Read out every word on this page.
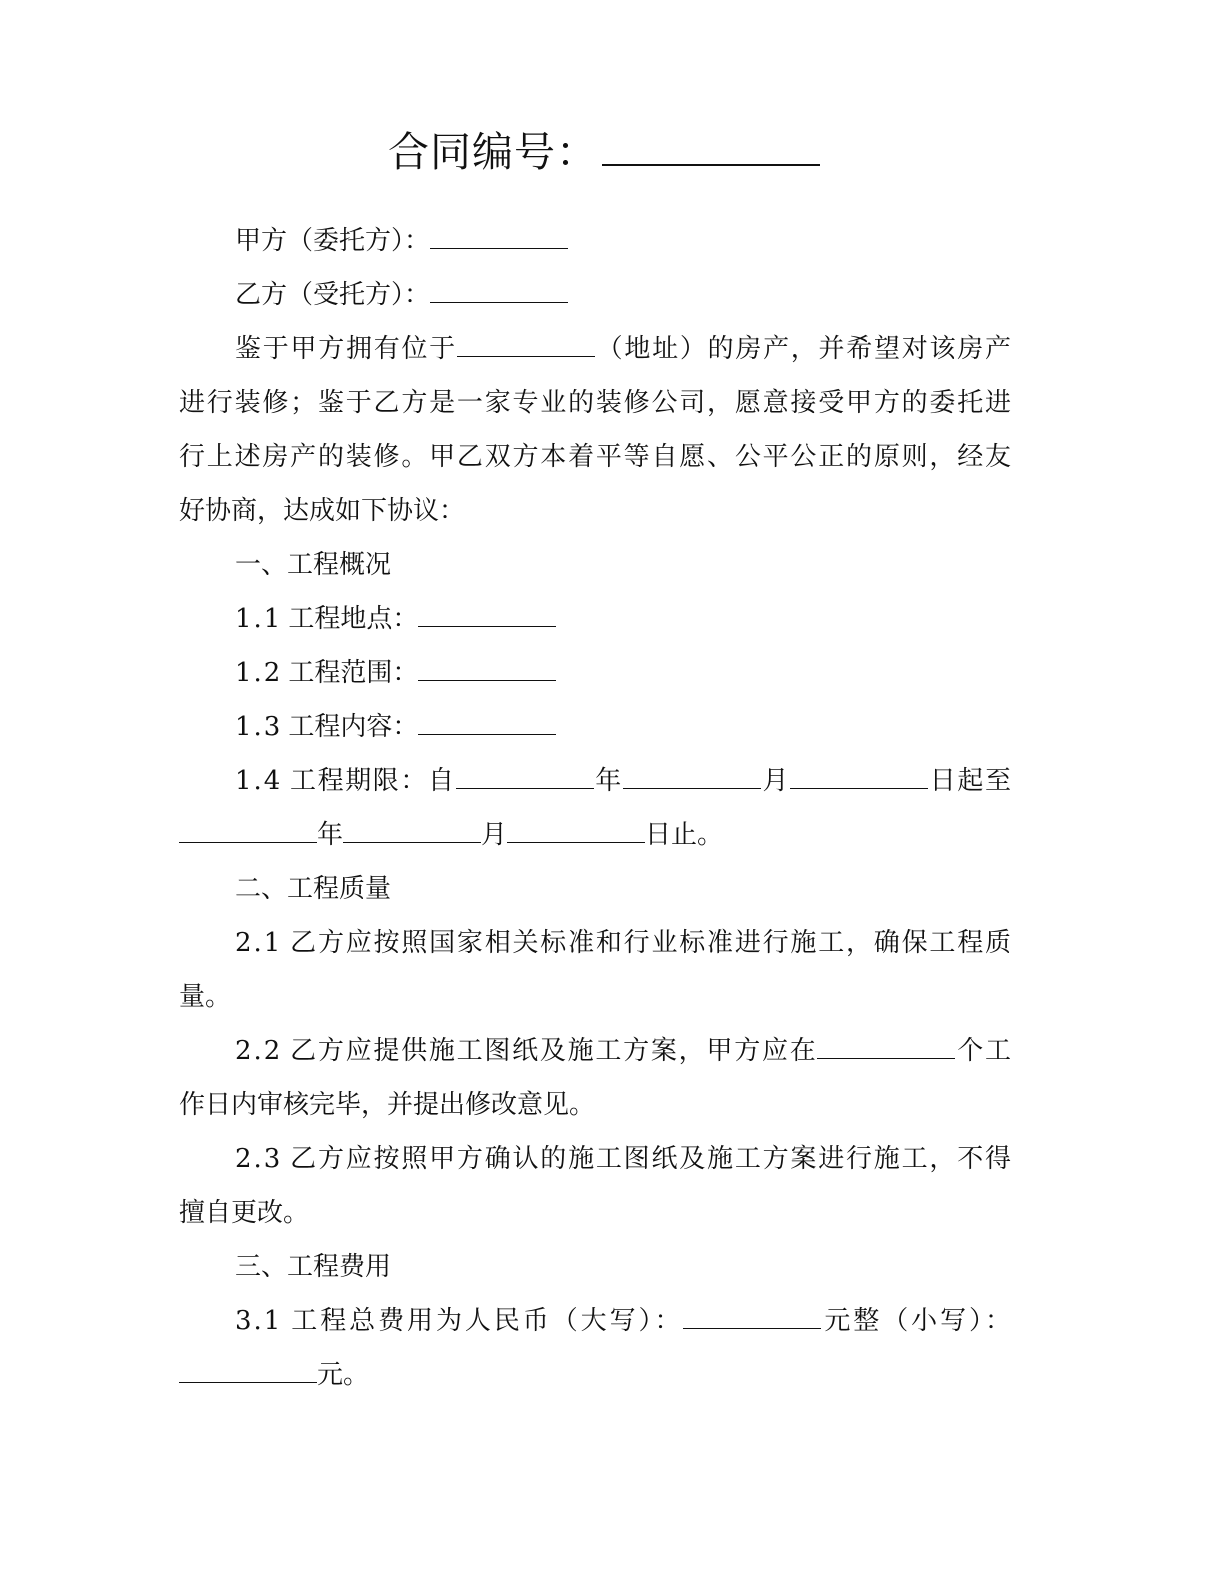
合同编号：
甲方（委托方）：
乙方（受托方）：
鉴于甲方拥有位于	（地址）的房产，并希望对该房产
进行装修；鉴于乙方是一家专业的装修公司，愿意接受甲方的委托进
行上述房产的装修。甲乙双方本着平等自愿、公平公正的原则，经友
好协商，达成如下协议：
一、工程概况
1.1 工程地点：
1.2 工程范围：
1.3 工程内容：
1.4 工程期限：自	年	月	日起至
年	月	日止。
二、工程质量
2.1 乙方应按照国家相关标准和行业标准进行施工，确保工程质
量。
2.2 乙方应提供施工图纸及施工方案，甲方应在	个工
作日内审核完毕，并提出修改意见。
2.3 乙方应按照甲方确认的施工图纸及施工方案进行施工，不得
擅自更改。
三、工程费用
3.1 工程总费用为人民币（大写）：	元整（小写）：
元。
